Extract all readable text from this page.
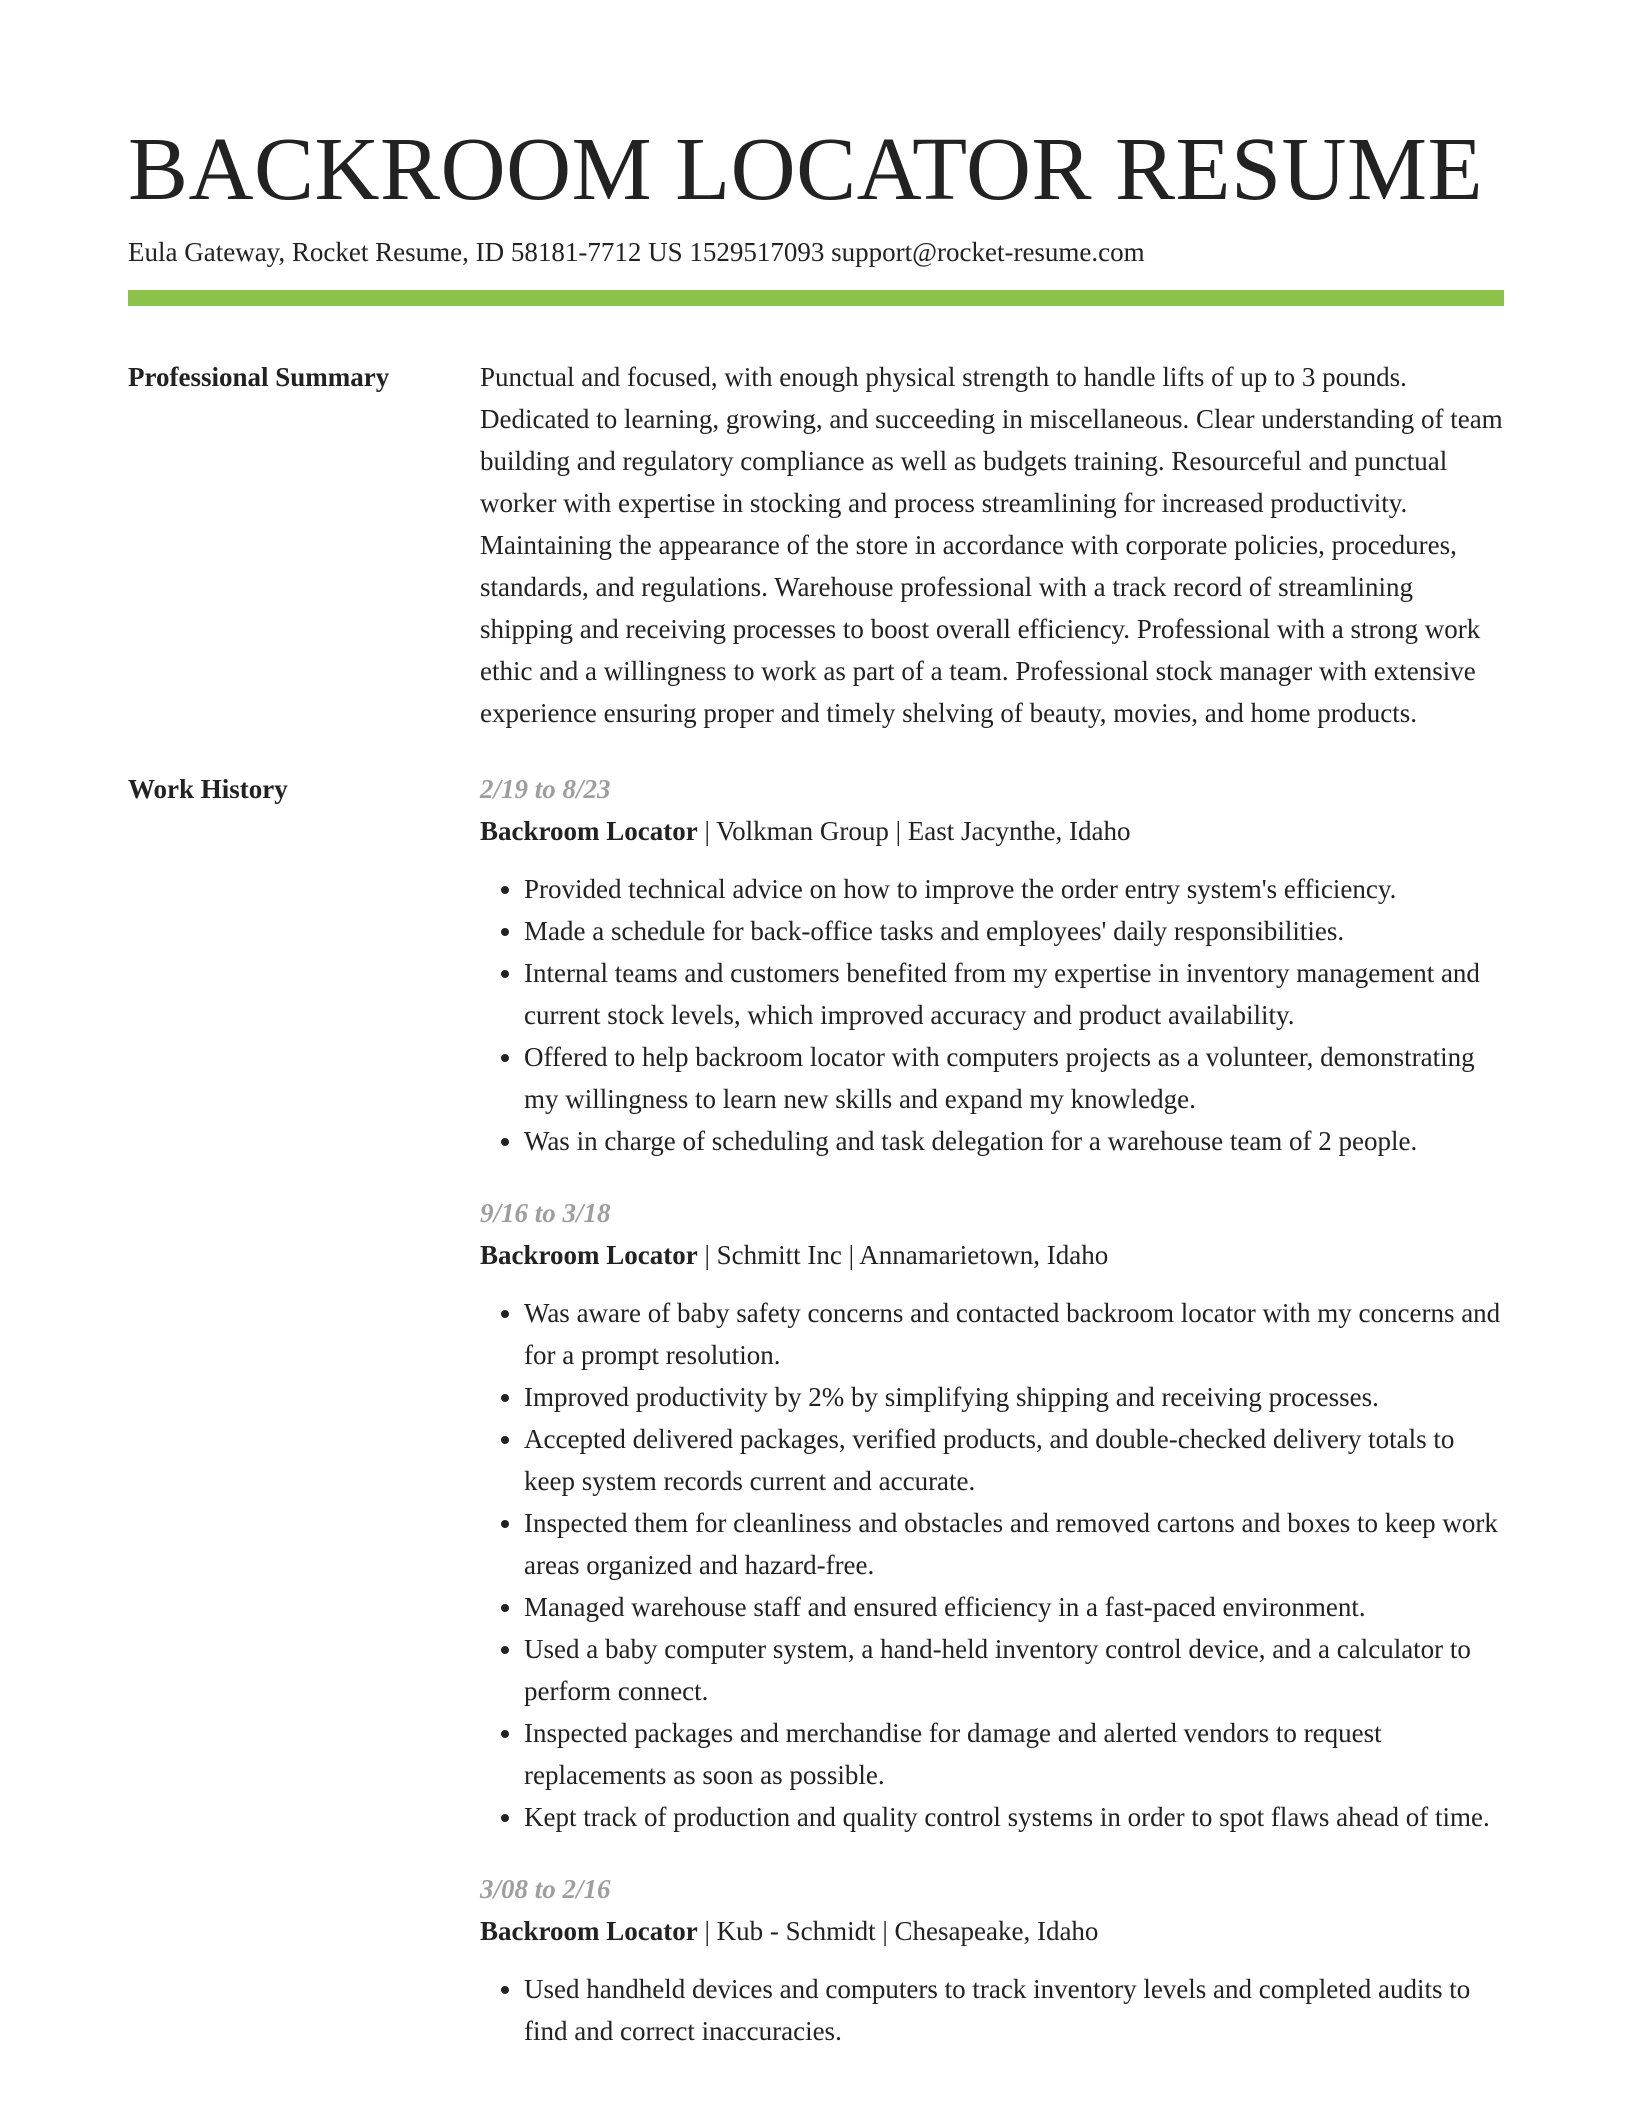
BACKROOM LOCATOR RESUME
Eula Gateway, Rocket Resume, ID 58181-7712 US 1529517093 support@rocket-resume.com
Professional Summary	Punctual and focused, with enough physical strength to handle lifts of up to 3 pounds. Dedicated to learning, growing, and succeeding in miscellaneous. Clear understanding of team building and regulatory compliance as well as budgets training. Resourceful and punctual worker with expertise in stocking and process streamlining for increased productivity. Maintaining the appearance of the store in accordance with corporate policies, procedures, standards, and regulations. Warehouse professional with a track record of streamlining shipping and receiving processes to boost overall efficiency. Professional with a strong work ethic and a willingness to work as part of a team. Professional stock manager with extensive experience ensuring proper and timely shelving of beauty, movies, and home products.
Work History	2/19 to 8/23
Backroom Locator | Volkman Group | East Jacynthe, Idaho
• Provided technical advice on how to improve the order entry system's efficiency.
• Made a schedule for back-office tasks and employees' daily responsibilities.
• Internal teams and customers benefited from my expertise in inventory management and current stock levels, which improved accuracy and product availability.
• Offered to help backroom locator with computers projects as a volunteer, demonstrating my willingness to learn new skills and expand my knowledge.
• Was in charge of scheduling and task delegation for a warehouse team of 2 people.
9/16 to 3/18
Backroom Locator | Schmitt Inc | Annamarietown, Idaho
• Was aware of baby safety concerns and contacted backroom locator with my concerns and for a prompt resolution.
• Improved productivity by 2% by simplifying shipping and receiving processes.
• Accepted delivered packages, verified products, and double-checked delivery totals to keep system records current and accurate.
• Inspected them for cleanliness and obstacles and removed cartons and boxes to keep work areas organized and hazard-free.
• Managed warehouse staff and ensured efficiency in a fast-paced environment.
• Used a baby computer system, a hand-held inventory control device, and a calculator to perform connect.
• Inspected packages and merchandise for damage and alerted vendors to request replacements as soon as possible.
• Kept track of production and quality control systems in order to spot flaws ahead of time.
3/08 to 2/16
Backroom Locator | Kub - Schmidt | Chesapeake, Idaho
• Used handheld devices and computers to track inventory levels and completed audits to find and correct inaccuracies.
